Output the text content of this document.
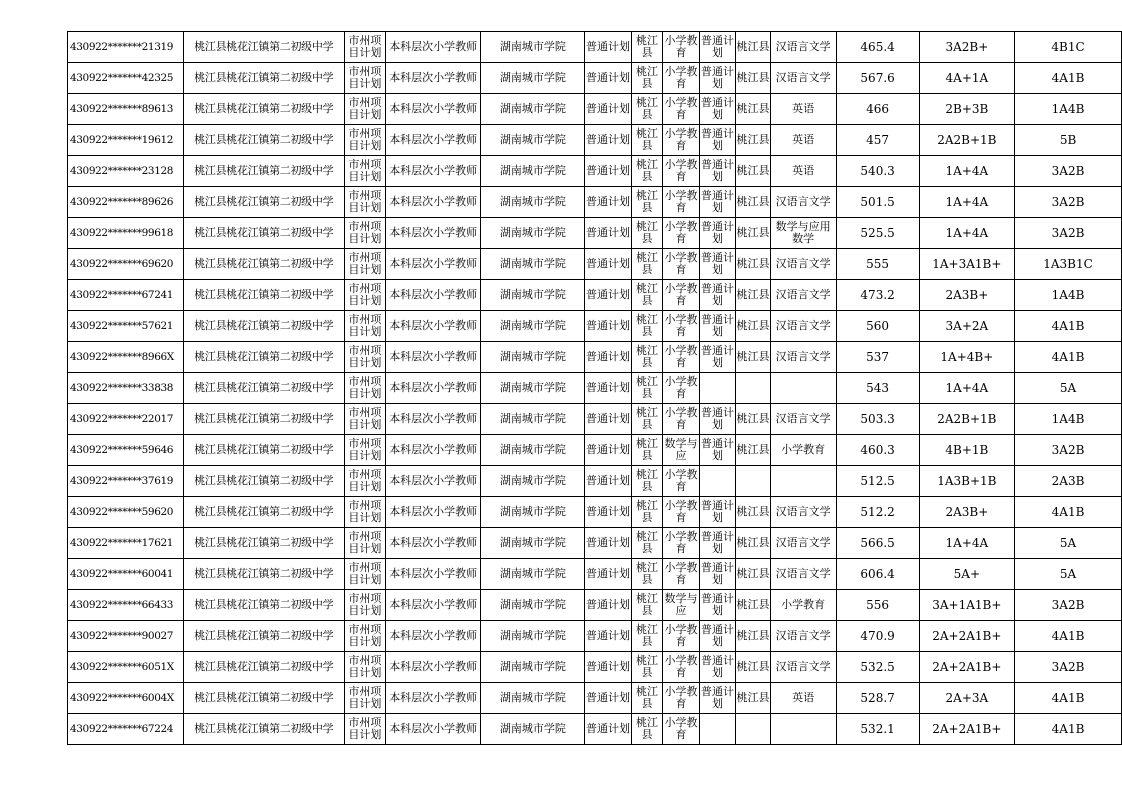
430922*******21319	桃江县桃花江镇第二初级中学	市州项目计划	本科层次小学教师	湖南城市学院	普通计划	桃江县	小学教育	普通计划	桃江县	汉语言文学	465.4	3A2B+	4B1C
430922*******42325	桃江县桃花江镇第二初级中学	市州项目计划	本科层次小学教师	湖南城市学院	普通计划	桃江县	小学教育	普通计划	桃江县	汉语言文学	567.6	4A+1A	4A1B
430922*******89613	桃江县桃花江镇第二初级中学	市州项目计划	本科层次小学教师	湖南城市学院	普通计划	桃江县	小学教育	普通计划	桃江县	英语	466	2B+3B	1A4B
430922*******19612	桃江县桃花江镇第二初级中学	市州项目计划	本科层次小学教师	湖南城市学院	普通计划	桃江县	小学教育	普通计划	桃江县	英语	457	2A2B+1B	5B
430922*******23128	桃江县桃花江镇第二初级中学	市州项目计划	本科层次小学教师	湖南城市学院	普通计划	桃江县	小学教育	普通计划	桃江县	英语	540.3	1A+4A	3A2B
430922*******89626	桃江县桃花江镇第二初级中学	市州项目计划	本科层次小学教师	湖南城市学院	普通计划	桃江县	小学教育	普通计划	桃江县	汉语言文学	501.5	1A+4A	3A2B
430922*******99618	桃江县桃花江镇第二初级中学	市州项目计划	本科层次小学教师	湖南城市学院	普通计划	桃江县	小学教育	普通计划	桃江县	数学与应用数学	525.5	1A+4A	3A2B
430922*******69620	桃江县桃花江镇第二初级中学	市州项目计划	本科层次小学教师	湖南城市学院	普通计划	桃江县	小学教育	普通计划	桃江县	汉语言文学	555	1A+3A1B+	1A3B1C
430922*******67241	桃江县桃花江镇第二初级中学	市州项目计划	本科层次小学教师	湖南城市学院	普通计划	桃江县	小学教育	普通计划	桃江县	汉语言文学	473.2	2A3B+	1A4B
430922*******57621	桃江县桃花江镇第二初级中学	市州项目计划	本科层次小学教师	湖南城市学院	普通计划	桃江县	小学教育	普通计划	桃江县	汉语言文学	560	3A+2A	4A1B
430922*******8966X	桃江县桃花江镇第二初级中学	市州项目计划	本科层次小学教师	湖南城市学院	普通计划	桃江县	小学教育	普通计划	桃江县	汉语言文学	537	1A+4B+	4A1B
430922*******33838	桃江县桃花江镇第二初级中学	市州项目计划	本科层次小学教师	湖南城市学院	普通计划	桃江县	小学教育				543	1A+4A	5A
430922*******22017	桃江县桃花江镇第二初级中学	市州项目计划	本科层次小学教师	湖南城市学院	普通计划	桃江县	小学教育	普通计划	桃江县	汉语言文学	503.3	2A2B+1B	1A4B
430922*******59646	桃江县桃花江镇第二初级中学	市州项目计划	本科层次小学教师	湖南城市学院	普通计划	桃江县	数学与应	普通计划	桃江县	小学教育	460.3	4B+1B	3A2B
430922*******37619	桃江县桃花江镇第二初级中学	市州项目计划	本科层次小学教师	湖南城市学院	普通计划	桃江县	小学教育				512.5	1A3B+1B	2A3B
430922*******59620	桃江县桃花江镇第二初级中学	市州项目计划	本科层次小学教师	湖南城市学院	普通计划	桃江县	小学教育	普通计划	桃江县	汉语言文学	512.2	2A3B+	4A1B
430922*******17621	桃江县桃花江镇第二初级中学	市州项目计划	本科层次小学教师	湖南城市学院	普通计划	桃江县	小学教育	普通计划	桃江县	汉语言文学	566.5	1A+4A	5A
430922*******60041	桃江县桃花江镇第二初级中学	市州项目计划	本科层次小学教师	湖南城市学院	普通计划	桃江县	小学教育	普通计划	桃江县	汉语言文学	606.4	5A+	5A
430922*******66433	桃江县桃花江镇第二初级中学	市州项目计划	本科层次小学教师	湖南城市学院	普通计划	桃江县	数学与应	普通计划	桃江县	小学教育	556	3A+1A1B+	3A2B
430922*******90027	桃江县桃花江镇第二初级中学	市州项目计划	本科层次小学教师	湖南城市学院	普通计划	桃江县	小学教育	普通计划	桃江县	汉语言文学	470.9	2A+2A1B+	4A1B
430922*******6051X	桃江县桃花江镇第二初级中学	市州项目计划	本科层次小学教师	湖南城市学院	普通计划	桃江县	小学教育	普通计划	桃江县	汉语言文学	532.5	2A+2A1B+	3A2B
430922*******6004X	桃江县桃花江镇第二初级中学	市州项目计划	本科层次小学教师	湖南城市学院	普通计划	桃江县	小学教育	普通计划	桃江县	英语	528.7	2A+3A	4A1B
430922*******67224	桃江县桃花江镇第二初级中学	市州项目计划	本科层次小学教师	湖南城市学院	普通计划	桃江县	小学教育				532.1	2A+2A1B+	4A1B
